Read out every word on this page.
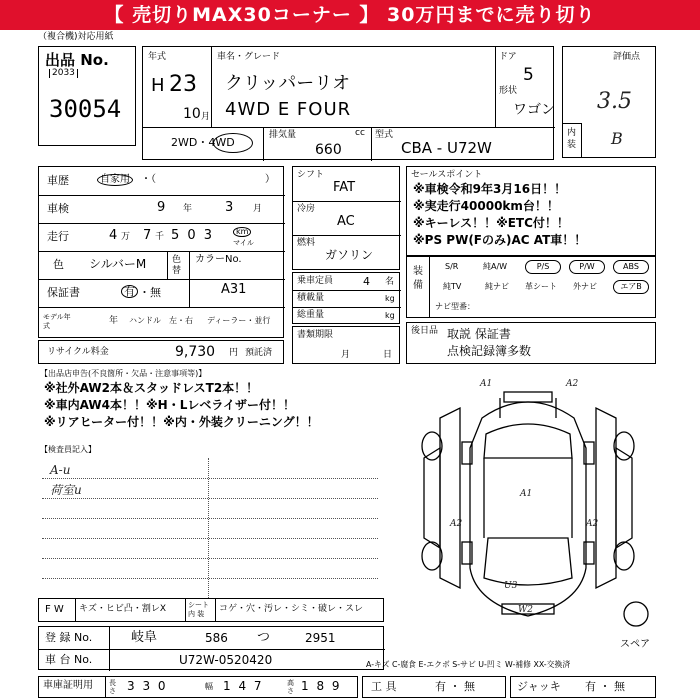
【 売切りMAX30コーナー 】 30万円までに売り切り
（複合機)対応用紙
出品 No.
2033
30054
年式
H 23
10 月
車名・グレード
クリッパーリオ
4WD E FOUR
ドア
5
形状
ワゴン
2WD・4WD
排気量	cc
660
型式
CBA - U72W
評価点
3.5
内装 B
車歴	自家用	・（	）
車検	9 年	3 月
走行	4 万 7 千 5 0 3	km
マイル
色 シルバーM	色替
カラーNo.
A31
保証書	有 ・無
モデル年式	年 ハンドル 左・右 ディーラー・並行
リサイクル料金	9,730 円 預託済
シフト
FAT
冷房
AC
燃料
ガソリン
乗車定員	4 名
積載量	kg
総重量	kg
書類期限
月	日
セールスポイント
※車検令和9年3月16日！！
※実走行40000km台！！
※キーレス！！※ETC付！！
※PS PW(Fのみ)AC AT車！！
装備
S/R	純A/W	P/S	P/W	ABS
純TV	純ナビ 革シート 外ナビ	エアB
ナビ型番：
後日品 取説 保証書
点検記録簿多数
【出品店申告(不良箇所・欠品・注意事項等)】
※社外AW2本＆スタッドレスT2本！！
※車内AW4本！！※H・Lレベライザー付！！
※リアヒーター付！！※内・外装クリーニング！！
【検査員記入】
A-u
荷室u
A1	A2
A1
A2	A2
U3
W2
スペア
F W キズ・ヒビ凸・割レX	シート内 装	コゲ・穴・汚レ・シミ・破レ・スレ
登 録 No.	岐阜	586 つ	2951
車 台 No.	U72W-0520420	A-キズ C-腐食 E-エクボ S-サビ U-凹ミ W-補修 XX-交換済
車庫証明用 長さ 3 3 0	幅 1 4 7	高さ 1 8 9	工 具	有 ・ 無	ジャッキ 有 ・ 無
